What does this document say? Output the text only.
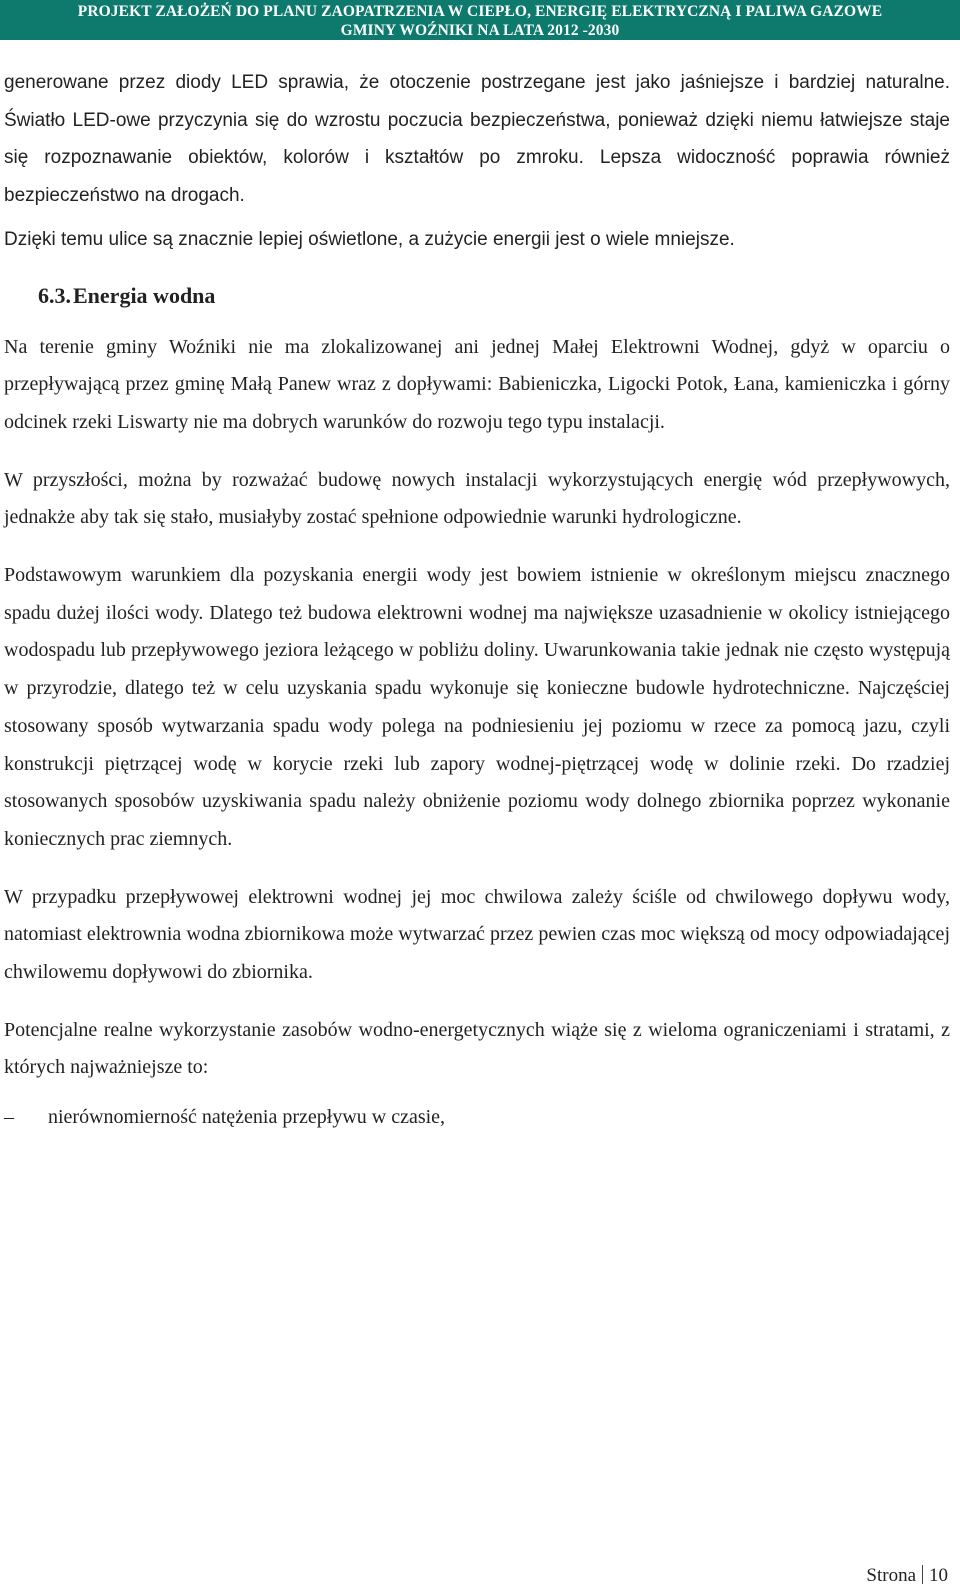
PROJEKT ZAŁOŻEŃ DO PLANU ZAOPATRZENIA W CIEPŁO, ENERGIĘ ELEKTRYCZNĄ I PALIWA GAZOWE
GMINY WOŹNIKI NA LATA 2012 -2030

generowane przez diody LED sprawia, że otoczenie postrzegane jest jako jaśniejsze i bardziej naturalne. Światło LED-owe przyczynia się do wzrostu poczucia bezpieczeństwa, ponieważ dzięki niemu łatwiejsze staje się rozpoznawanie obiektów, kolorów i kształtów po zmroku. Lepsza widoczność poprawia również bezpieczeństwo na drogach.

Dzięki temu ulice są znacznie lepiej oświetlone, a zużycie energii jest o wiele mniejsze.

6.3.Energia wodna

Na terenie gminy Woźniki nie ma zlokalizowanej ani jednej Małej Elektrowni Wodnej, gdyż w oparciu o przepływającą przez gminę Małą Panew wraz z dopływami: Babieniczka, Ligocki Potok, Łana, kamieniczka i górny odcinek rzeki Liswarty nie ma dobrych warunków do rozwoju tego typu instalacji.

W przyszłości, można by rozważać budowę nowych instalacji wykorzystujących energię wód przepływowych, jednakże aby tak się stało, musiałyby zostać spełnione odpowiednie warunki hydrologiczne.

Podstawowym warunkiem dla pozyskania energii wody jest bowiem istnienie w określonym miejscu znacznego spadu dużej ilości wody. Dlatego też budowa elektrowni wodnej ma największe uzasadnienie w okolicy istniejącego wodospadu lub przepływowego jeziora leżącego w pobliżu doliny. Uwarunkowania takie jednak nie często występują w przyrodzie, dlatego też w celu uzyskania spadu wykonuje się konieczne budowle hydrotechniczne. Najczęściej stosowany sposób wytwarzania spadu wody polega na podniesieniu jej poziomu w rzece za pomocą jazu, czyli konstrukcji piętrzącej wodę w korycie rzeki lub zapory wodnej-piętrzącej wodę w dolinie rzeki. Do rzadziej stosowanych sposobów uzyskiwania spadu należy obniżenie poziomu wody dolnego zbiornika poprzez wykonanie koniecznych prac ziemnych.

W przypadku przepływowej elektrowni wodnej jej moc chwilowa zależy ściśle od chwilowego dopływu wody, natomiast elektrownia wodna zbiornikowa może wytwarzać przez pewien czas moc większą od mocy odpowiadającej chwilowemu dopływowi do zbiornika.

Potencjalne realne wykorzystanie zasobów wodno-energetycznych wiąże się z wieloma ograniczeniami i stratami, z których najważniejsze to:

–	nierównomierność natężenia przepływu w czasie,
Strona 10
